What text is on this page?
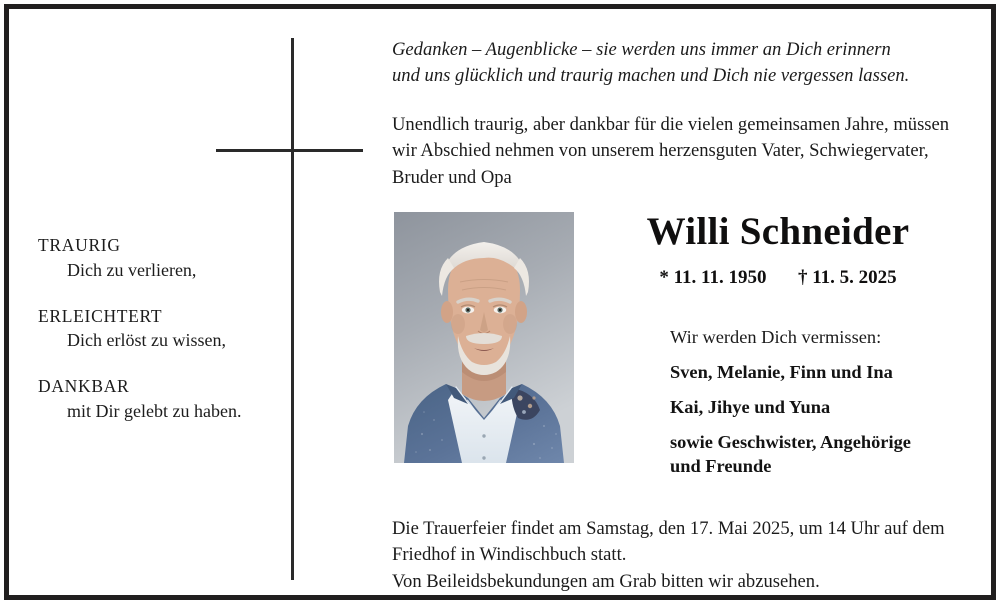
TRAURIG
Dich zu verlieren,
ERLEICHTERT
Dich erlöst zu wissen,
DANKBAR
mit Dir gelebt zu haben.
Gedanken – Augenblicke – sie werden uns immer an Dich erinnern
und uns glücklich und traurig machen und Dich nie vergessen lassen.
Unendlich traurig, aber dankbar für die vielen gemeinsamen Jahre, müssen
wir Abschied nehmen von unserem herzensguten Vater, Schwiegervater,
Bruder und Opa
Willi Schneider
* 11. 11. 1950 † 11. 5. 2025
Wir werden Dich vermissen:
Sven, Melanie, Finn und Ina
Kai, Jihye und Yuna
sowie Geschwister, Angehörige
und Freunde
Die Trauerfeier findet am Samstag, den 17. Mai 2025, um 14 Uhr auf dem
Friedhof in Windischbuch statt.
Von Beileidsbekundungen am Grab bitten wir abzusehen.
